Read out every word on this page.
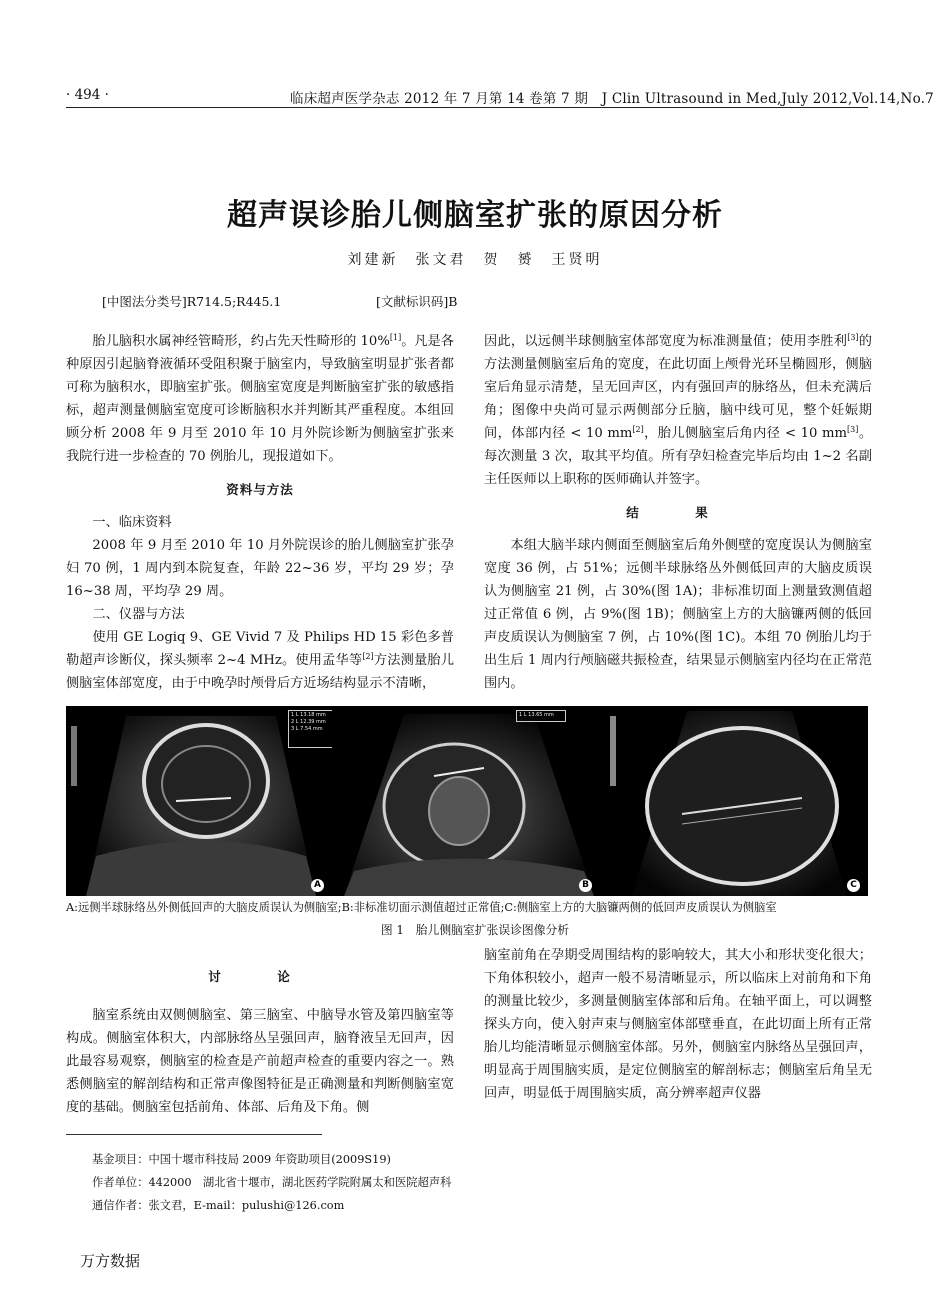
· 494 ·	临床超声医学杂志 2012 年 7 月第 14 卷第 7 期　J Clin Ultrasound in Med,July 2012,Vol.14,No.7
超声误诊胎儿侧脑室扩张的原因分析
刘建新　张文君　贺　赟　王贤明
[中图法分类号]R714.5;R445.1	[文献标识码]B

胎儿脑积水属神经管畸形，约占先天性畸形的 10%[1]。凡是各种原因引起脑脊液循环受阻积聚于脑室内，导致脑室明显扩张者都可称为脑积水，即脑室扩张。侧脑室宽度是判断脑室扩张的敏感指标，超声测量侧脑室宽度可诊断脑积水并判断其严重程度。本组回顾分析 2008 年 9 月至 2010 年 10 月外院诊断为侧脑室扩张来我院行进一步检查的 70 例胎儿，现报道如下。

资料与方法

一、临床资料

2008 年 9 月至 2010 年 10 月外院误诊的胎儿侧脑室扩张孕妇 70 例，1 周内到本院复查，年龄 22~36 岁，平均 29 岁；孕 16~38 周，平均孕 29 周。

二、仪器与方法

使用 GE Logiq 9、GE Vivid 7 及 Philips HD 15 彩色多普勒超声诊断仪，探头频率 2~4 MHz。使用孟华等[2]方法测量胎儿侧脑室体部宽度，由于中晚孕时颅骨后方近场结构显示不清晰，

因此，以远侧半球侧脑室体部宽度为标准测量值；使用李胜利[3]的方法测量侧脑室后角的宽度，在此切面上颅骨光环呈椭圆形，侧脑室后角显示清楚，呈无回声区，内有强回声的脉络丛，但未充满后角；图像中央尚可显示两侧部分丘脑，脑中线可见，整个妊娠期间，体部内径 < 10 mm[2]，胎儿侧脑室后角内径 < 10 mm[3]。每次测量 3 次，取其平均值。所有孕妇检查完毕后均由 1~2 名副主任医师以上职称的医师确认并签字。

结　果

本组大脑半球内侧面至侧脑室后角外侧壁的宽度误认为侧脑室宽度 36 例，占 51%；远侧半球脉络丛外侧低回声的大脑皮质误认为侧脑室 21 例，占 30%(图 1A)；非标准切面上测量致测值超过正常值 6 例，占 9%(图 1B)；侧脑室上方的大脑镰两侧的低回声皮质误认为侧脑室 7 例，占 10%(图 1C)。本组 70 例胎儿均于出生后 1 周内行颅脑磁共振检查，结果显示侧脑室内径均在正常范围内。

1 L 13.18 mm
2 L 12.39 mm
3 L 7.54 mm
A	B	C
1 L 13.65 mm
A:远侧半球脉络丛外侧低回声的大脑皮质误认为侧脑室;B:非标准切面示测值超过正常值;C:侧脑室上方的大脑镰两侧的低回声皮质误认为侧脑室
图 1　胎儿侧脑室扩张误诊图像分析
讨　论

脑室系统由双侧侧脑室、第三脑室、中脑导水管及第四脑室等构成。侧脑室体积大，内部脉络丛呈强回声，脑脊液呈无回声，因此最容易观察，侧脑室的检查是产前超声检查的重要内容之一。熟悉侧脑室的解剖结构和正常声像图特征是正确测量和判断侧脑室宽度的基础。侧脑室包括前角、体部、后角及下角。侧

脑室前角在孕期受周围结构的影响较大，其大小和形状变化很大；下角体积较小，超声一般不易清晰显示，所以临床上对前角和下角的测量比较少，多测量侧脑室体部和后角。在轴平面上，可以调整探头方向，使入射声束与侧脑室体部壁垂直，在此切面上所有正常胎儿均能清晰显示侧脑室体部。另外，侧脑室内脉络丛呈强回声，明显高于周围脑实质，是定位侧脑室的解剖标志；侧脑室后角呈无回声，明显低于周围脑实质，高分辨率超声仪器

基金项目：中国十堰市科技局 2009 年资助项目(2009S19)
作者单位：442000　湖北省十堰市，湖北医药学院附属太和医院超声科
通信作者：张文君，E-mail：pulushi@126.com
万方数据
